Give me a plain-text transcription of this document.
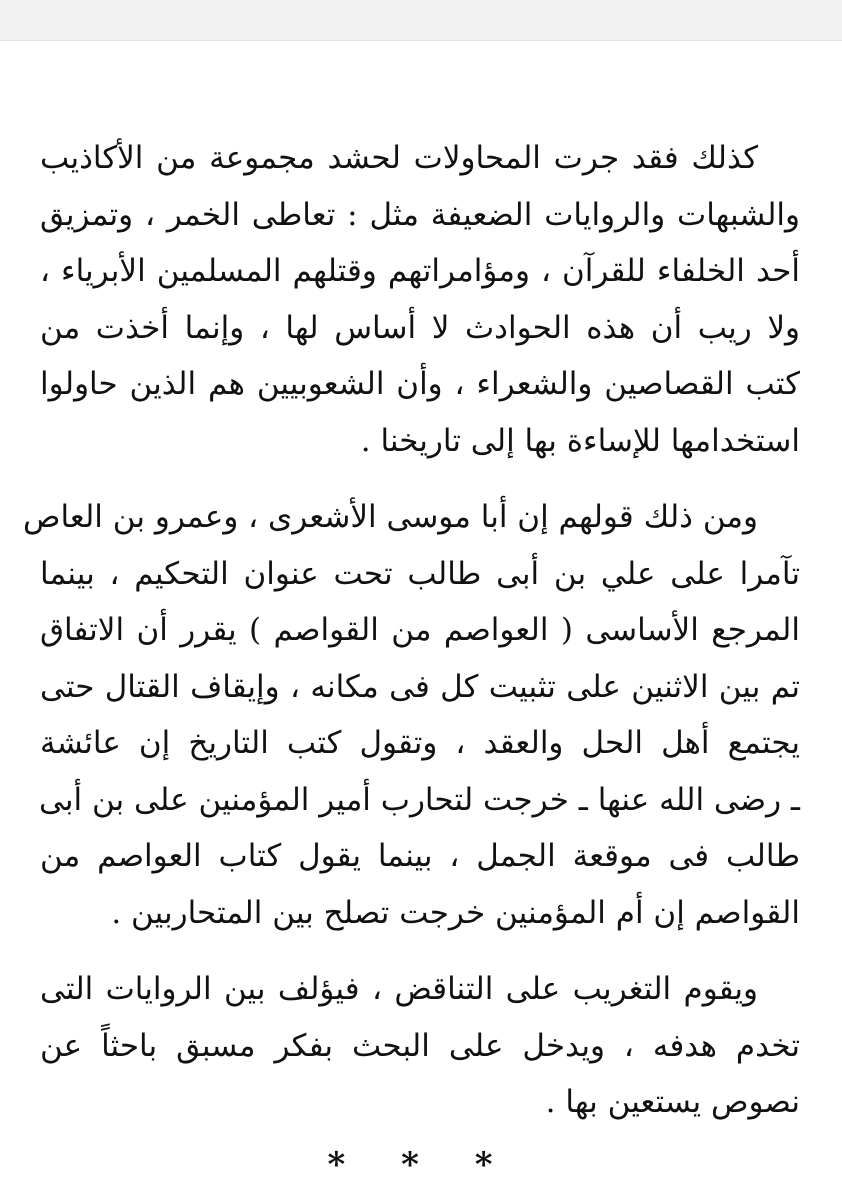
كذلك فقد جرت المحاولات لحشد مجموعة من الأكاذيب
والشبهات والروايات الضعيفة مثل : تعاطى الخمر ، وتمزيق
أحد الخلفاء للقرآن ، ومؤامراتهم وقتلهم المسلمين الأبرياء ،
ولا ريب أن هذه الحوادث لا أساس لها ، وإنما أخذت من
كتب القصاصين والشعراء ، وأن الشعوبيين هم الذين حاولوا
استخدامها للإساءة بها إلى تاريخنا .

ومن ذلك قولهم إن أبا موسى الأشعرى ، وعمرو بن العاص
تآمرا على علي بن أبى طالب تحت عنوان التحكيم ، بينما
المرجع الأساسى ( العواصم من القواصم ) يقرر أن الاتفاق
تم بين الاثنين على تثبيت كل فى مكانه ، وإيقاف القتال حتى
يجتمع أهل الحل والعقد ، وتقول كتب التاريخ إن عائشة
ـ رضى الله عنها ـ خرجت لتحارب أمير المؤمنين على بن أبى
طالب فى موقعة الجمل ، بينما يقول كتاب العواصم من
القواصم إن أم المؤمنين خرجت تصلح بين المتحاربين .

ويقوم التغريب على التناقض ، فيؤلف بين الروايات التى
تخدم هدفه ، ويدخل على البحث بفكر مسبق باحثاً عن
نصوص يستعين بها .

* * *
